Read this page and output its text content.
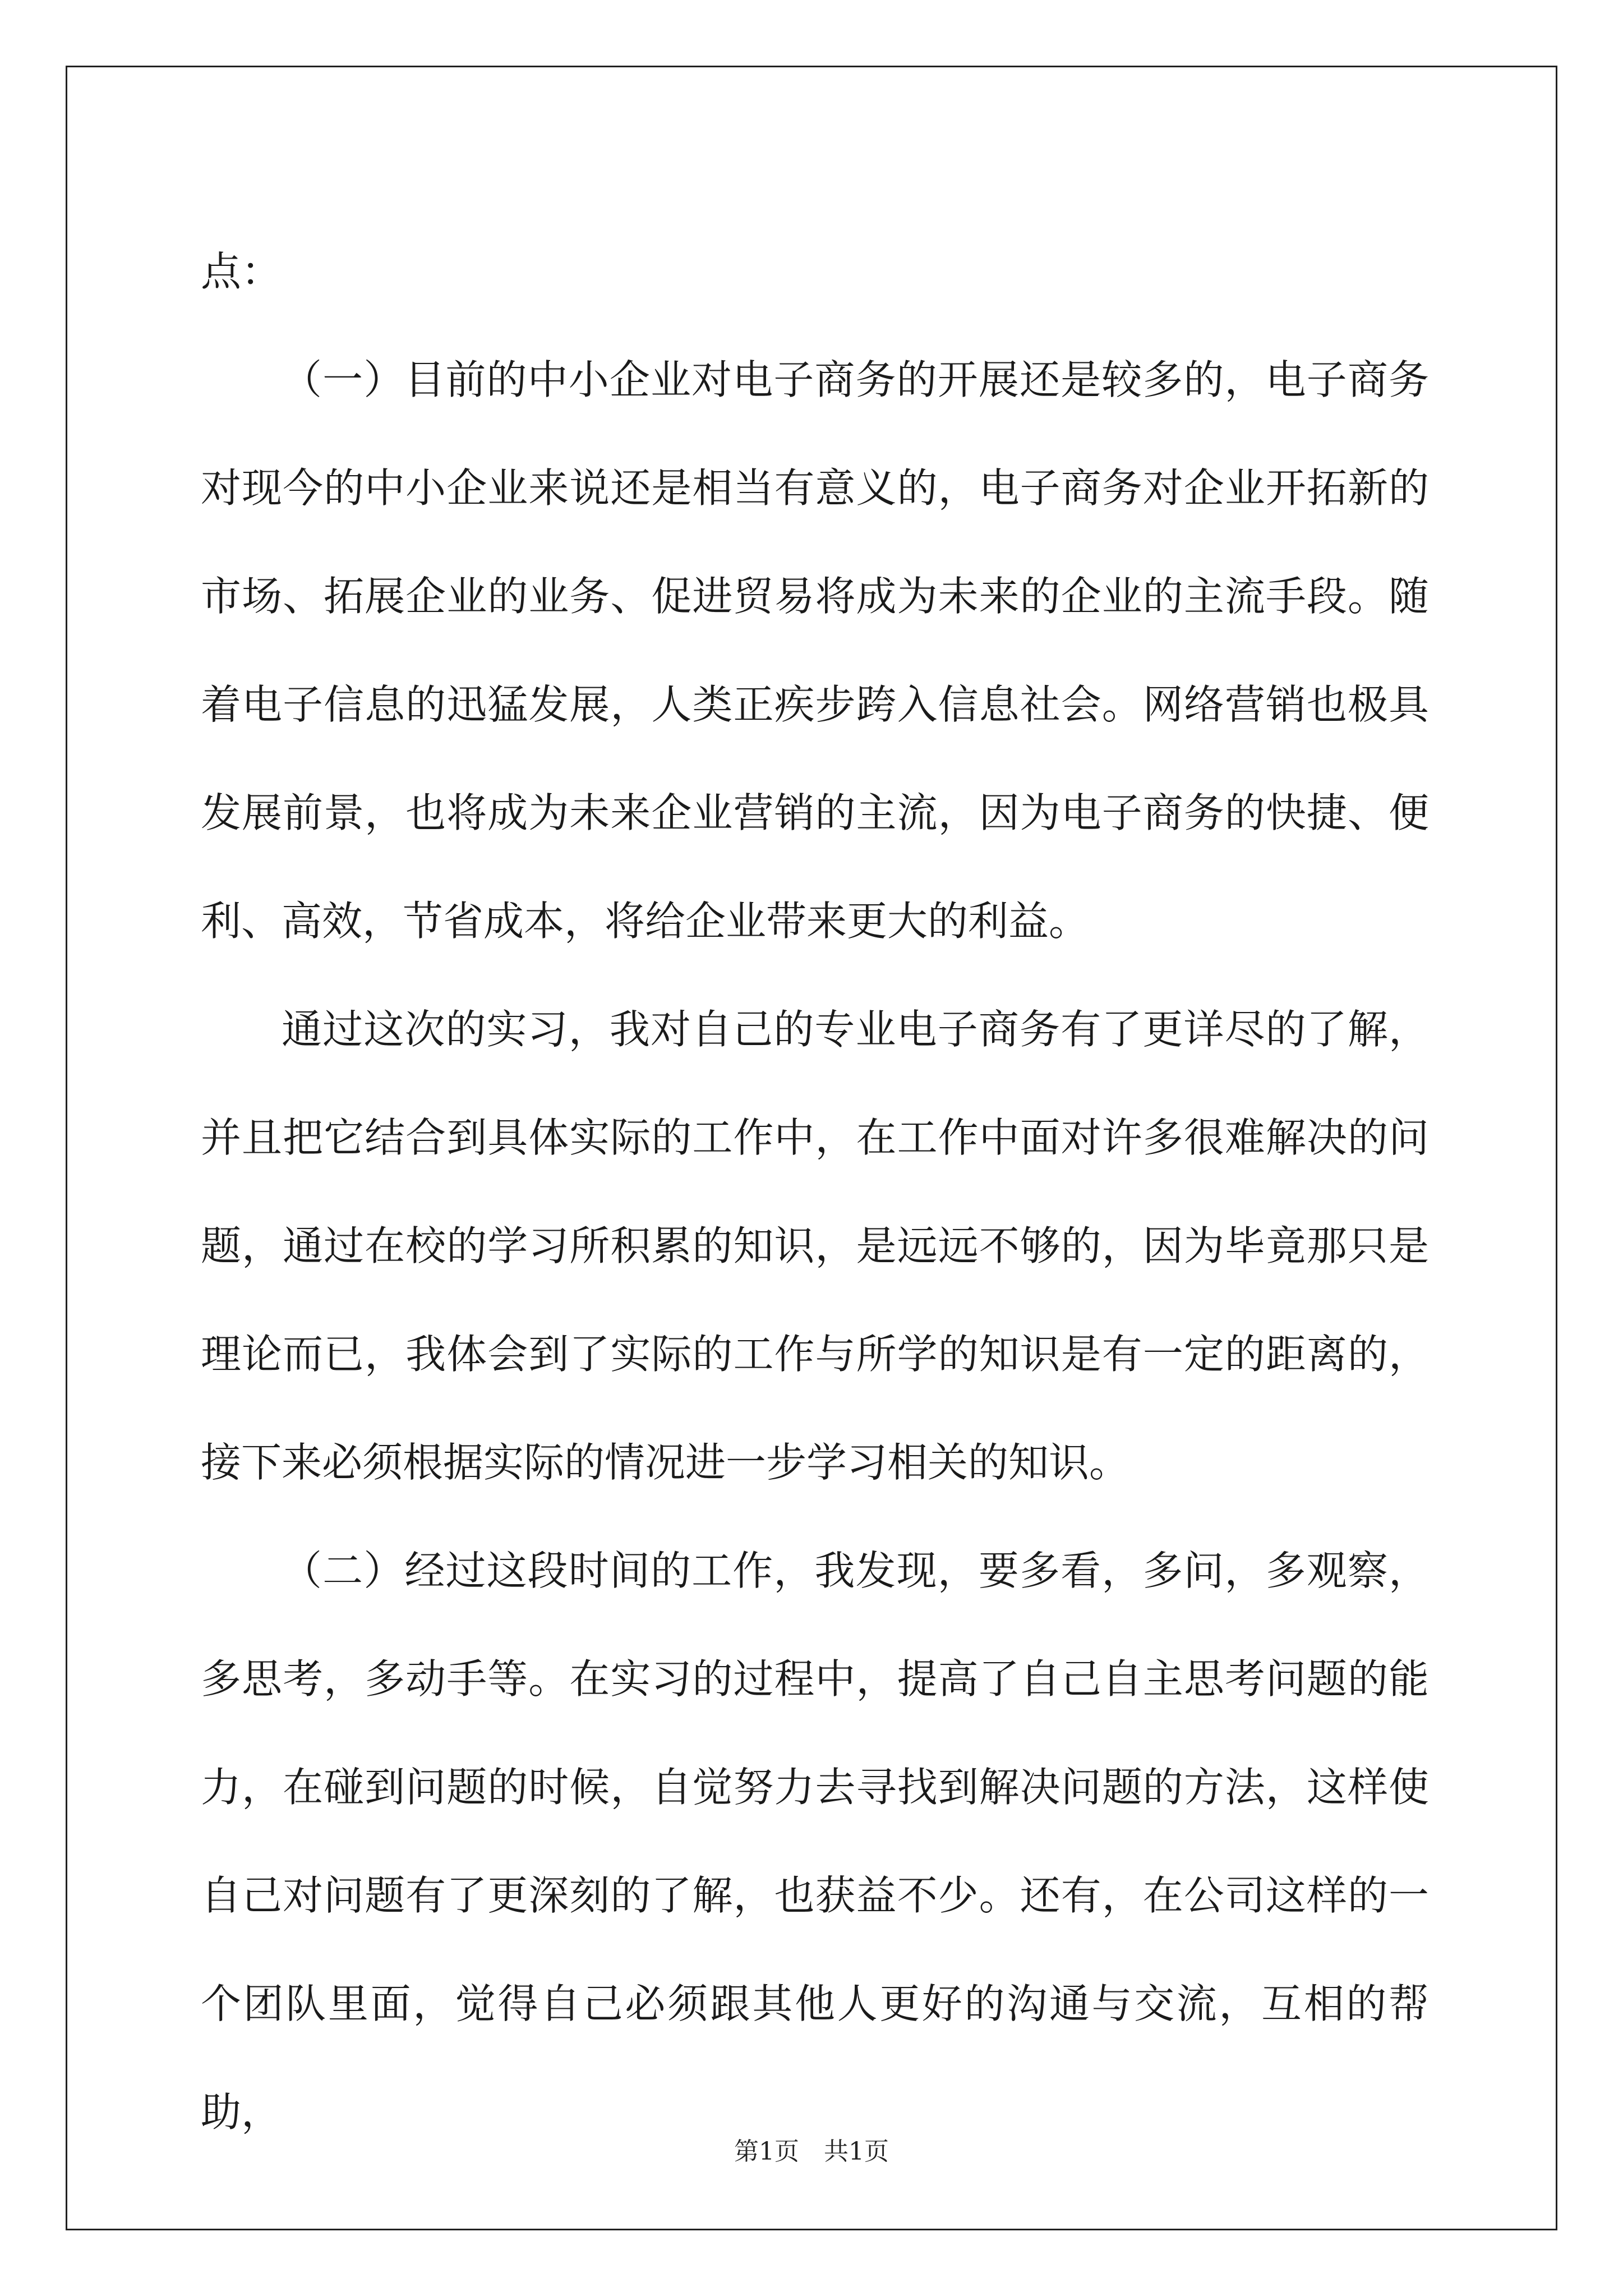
点：

（一）目前的中小企业对电子商务的开展还是较多的，电子商务对现今的中小企业来说还是相当有意义的，电子商务对企业开拓新的市场、拓展企业的业务、促进贸易将成为未来的企业的主流手段。随着电子信息的迅猛发展，人类正疾步跨入信息社会。网络营销也极具发展前景，也将成为未来企业营销的主流，因为电子商务的快捷、便利、高效，节省成本，将给企业带来更大的利益。

通过这次的实习，我对自己的专业电子商务有了更详尽的了解，并且把它结合到具体实际的工作中，在工作中面对许多很难解决的问题，通过在校的学习所积累的知识，是远远不够的，因为毕竟那只是理论而已，我体会到了实际的工作与所学的知识是有一定的距离的，接下来必须根据实际的情况进一步学习相关的知识。

（二）经过这段时间的工作，我发现，要多看，多问，多观察，多思考，多动手等。在实习的过程中，提高了自己自主思考问题的能力，在碰到问题的时候，自觉努力去寻找到解决问题的方法，这样使自己对问题有了更深刻的了解，也获益不少。还有，在公司这样的一个团队里面，觉得自己必须跟其他人更好的沟通与交流，互相的帮助，

第1页 共1页
